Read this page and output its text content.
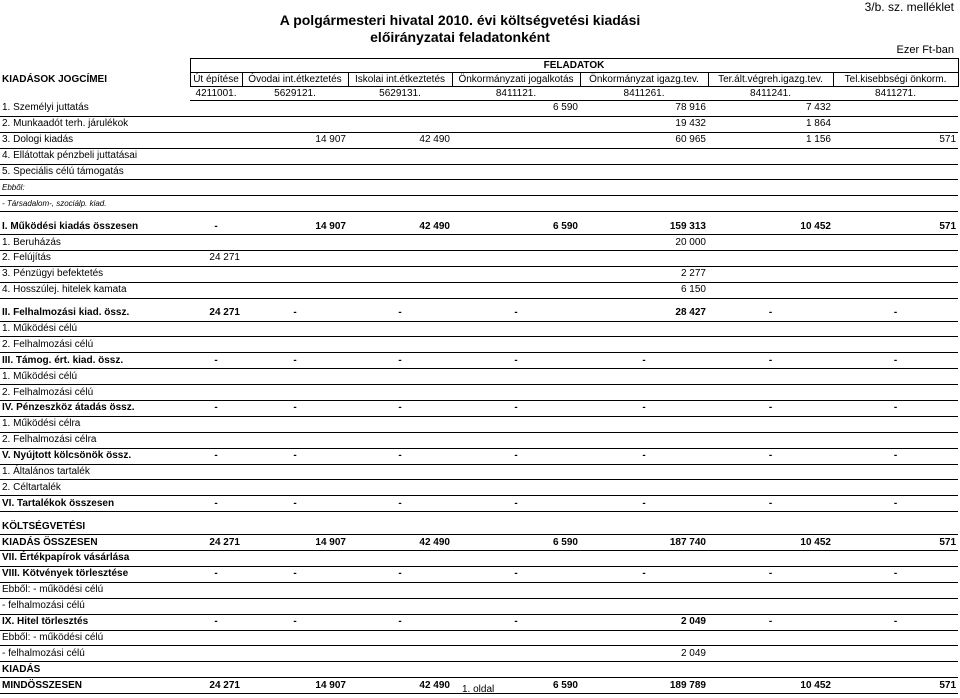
A polgármesteri hivatal 2010. évi költségvetési kiadási
előirányzatai feladatonként
3/b. sz. melléklet
Ezer Ft-ban
KIADÁSOK JOGCÍMEI	FELADATOK						
	Út építése	Óvodai int.étkeztetés	Iskolai int.étkeztetés	Önkormányzati jogalkotás	Önkormányzat igazg.tev.	Ter.ált.végreh.igazg.tev.	Tel.kisebbségi önkorm.
	4211001.	5629121.	5629131.	8411121.	8411261.	8411241.	8411271.
1. Személyi juttatás				6 590	78 916	7 432	
2. Munkaadót terh. járulékok					19 432	1 864	
3. Dologi kiadás		14 907	42 490		60 965	1 156	571
4. Ellátottak pénzbeli juttatásai							
5. Speciális célú támogatás							
Ebből:							
- Társadalom-, szociálp. kiad.							

I. Működési kiadás összesen	-	14 907	42 490	6 590	159 313	10 452	571
1. Beruházás					20 000		
2. Felújítás	24 271						
3. Pénzügyi befektetés					2 277		
4. Hosszúlej. hitelek kamata					6 150		

II. Felhalmozási kiad. össz.	24 271	-	-	-	28 427	-	-
1. Működési célú							
2. Felhalmozási célú							
III. Támog. ért. kiad. össz.	-	-	-	-	-	-	-
1. Működési célú							
2. Felhalmozási célú							
IV. Pénzeszköz átadás össz.	-	-	-	-	-	-	-
1. Működési célra							
2. Felhalmozási célra							
V. Nyújtott kölcsönök össz.	-	-	-	-	-	-	-
1. Általános tartalék							
2. Céltartalék							
VI. Tartalékok összesen	-	-	-	-	-	-	-

KÖLTSÉGVETÉSI							
KIADÁS ÖSSZESEN	24 271	14 907	42 490	6 590	187 740	10 452	571
VII. Értékpapírok vásárlása							
VIII. Kötvények törlesztése	-	-	-	-	-	-	-
Ebből: - működési célú							
- felhalmozási célú							
IX. Hitel törlesztés	-	-	-	-	2 049	-	-
Ebből: - működési célú							
- felhalmozási célú					2 049		
KIADÁS							
MINDÖSSZESEN	24 271	14 907	42 490	6 590	189 789	10 452	571
1. oldal
